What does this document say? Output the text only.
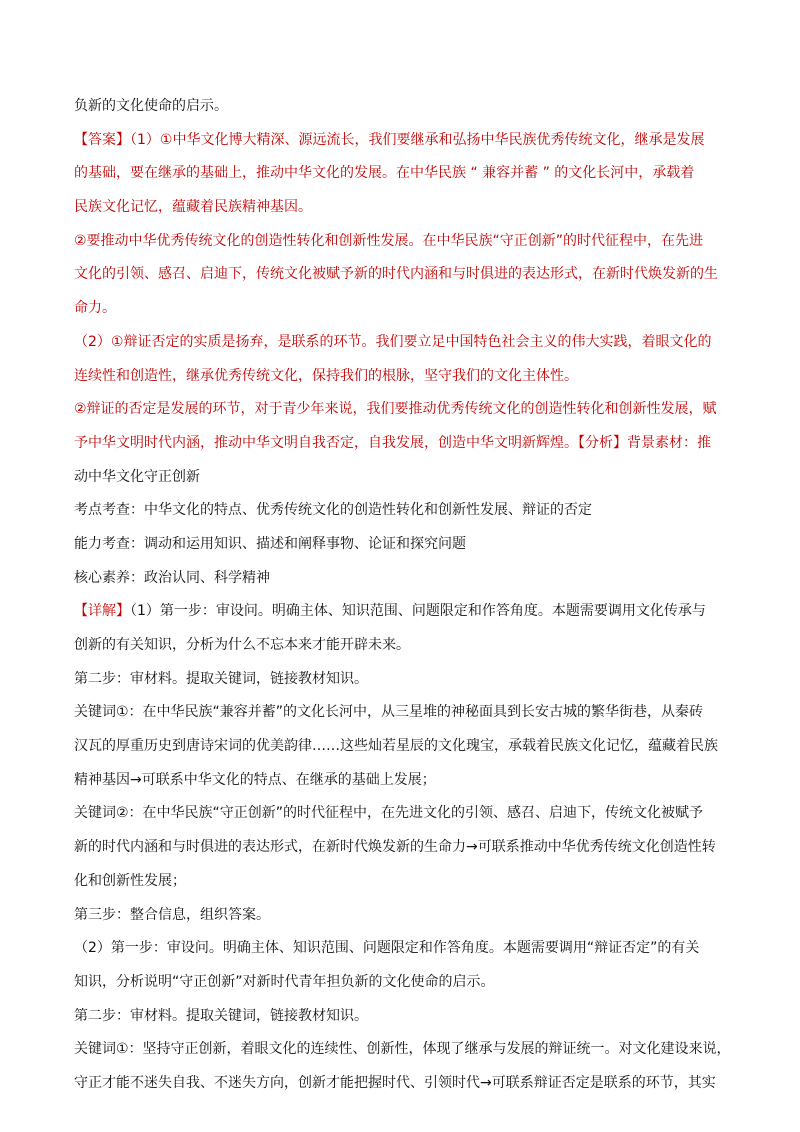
负新的文化使命的启示。
【答案】（1）①中华文化博大精深、源远流长，我们要继承和弘扬中华民族优秀传统文化，继承是发展
的基础，要在继承的基础上，推动中华文化的发展。在中华民族 “ 兼容并蓄 ” 的文化长河中，承载着
民族文化记忆，蕴藏着民族精神基因。
②要推动中华优秀传统文化的创造性转化和创新性发展。在中华民族“守正创新”的时代征程中，在先进
文化的引领、感召、启迪下，传统文化被赋予新的时代内涵和与时俱进的表达形式，在新时代焕发新的生
命力。
（2）①辩证否定的实质是扬弃，是联系的环节。我们要立足中国特色社会主义的伟大实践，着眼文化的
连续性和创造性，继承优秀传统文化，保持我们的根脉，坚守我们的文化主体性。
②辩证的否定是发展的环节，对于青少年来说，我们要推动优秀传统文化的创造性转化和创新性发展，赋
予中华文明时代内涵，推动中华文明自我否定，自我发展，创造中华文明新辉煌。【分析】背景素材：推
动中华文化守正创新
考点考查：中华文化的特点、优秀传统文化的创造性转化和创新性发展、辩证的否定
能力考查：调动和运用知识、描述和阐释事物、论证和探究问题
核心素养：政治认同、科学精神
【详解】（1）第一步：审设问。明确主体、知识范围、问题限定和作答角度。本题需要调用文化传承与
创新的有关知识，分析为什么不忘本来才能开辟未来。
第二步：审材料。提取关键词，链接教材知识。
关键词①：在中华民族“兼容并蓄”的文化长河中，从三星堆的神秘面具到长安古城的繁华街巷，从秦砖
汉瓦的厚重历史到唐诗宋词的优美韵律……这些灿若星辰的文化瑰宝，承载着民族文化记忆，蕴藏着民族
精神基因→可联系中华文化的特点、在继承的基础上发展；
关键词②：在中华民族“守正创新”的时代征程中，在先进文化的引领、感召、启迪下，传统文化被赋予
新的时代内涵和与时俱进的表达形式，在新时代焕发新的生命力→可联系推动中华优秀传统文化创造性转
化和创新性发展；
第三步：整合信息，组织答案。
（2）第一步：审设问。明确主体、知识范围、问题限定和作答角度。本题需要调用“辩证否定”的有关
知识，分析说明“守正创新”对新时代青年担负新的文化使命的启示。
第二步：审材料。提取关键词，链接教材知识。
关键词①：坚持守正创新，着眼文化的连续性、创新性，体现了继承与发展的辩证统一。对文化建设来说，
守正才能不迷失自我、不迷失方向，创新才能把握时代、引领时代→可联系辩证否定是联系的环节，其实
